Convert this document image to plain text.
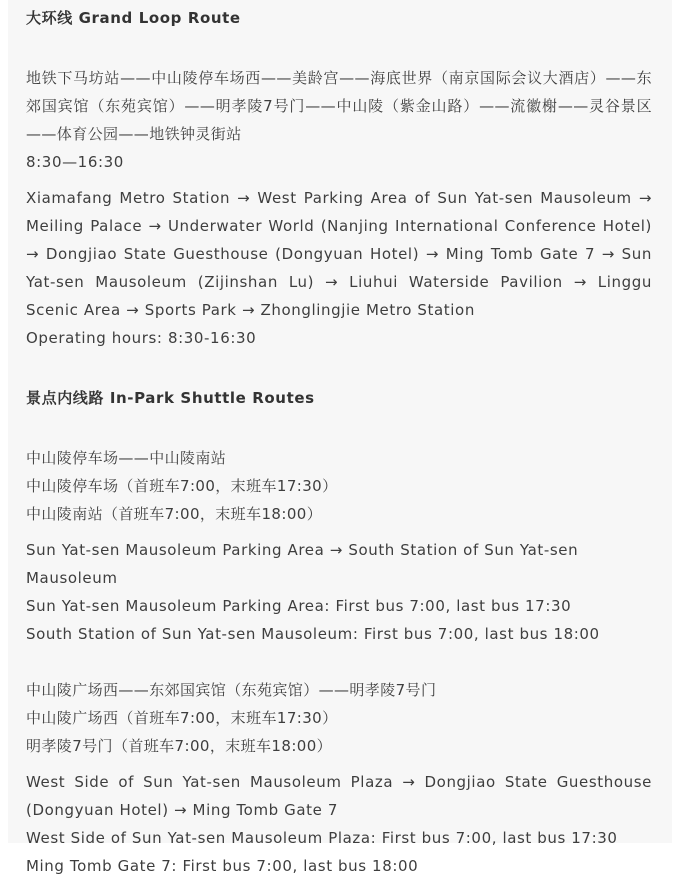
大环线 Grand Loop Route

地铁下马坊站——中山陵停车场西——美龄宫——海底世界（南京国际会议大酒店）——东郊国宾馆（东苑宾馆）——明孝陵7号门——中山陵（紫金山路）——流徽榭——灵谷景区——体育公园——地铁钟灵街站

8:30—16:30

Xiamafang Metro Station → West Parking Area of Sun Yat-sen Mausoleum → Meiling Palace → Underwater World (Nanjing International Conference Hotel) → Dongjiao State Guesthouse (Dongyuan Hotel) → Ming Tomb Gate 7 → Sun Yat-sen Mausoleum (Zijinshan Lu) → Liuhui Waterside Pavilion → Linggu Scenic Area → Sports Park → Zhonglingjie Metro Station

Operating hours: 8:30-16:30

景点内线路 In-Park Shuttle Routes

中山陵停车场——中山陵南站

中山陵停车场（首班车7:00，末班车17:30）

中山陵南站（首班车7:00，末班车18:00）

Sun Yat-sen Mausoleum Parking Area → South Station of Sun Yat-sen Mausoleum

Sun Yat-sen Mausoleum Parking Area: First bus 7:00, last bus 17:30

South Station of Sun Yat-sen Mausoleum: First bus 7:00, last bus 18:00

中山陵广场西——东郊国宾馆（东苑宾馆）——明孝陵7号门

中山陵广场西（首班车7:00，末班车17:30）

明孝陵7号门（首班车7:00，末班车18:00）

West Side of Sun Yat-sen Mausoleum Plaza → Dongjiao State Guesthouse (Dongyuan Hotel) → Ming Tomb Gate 7

West Side of Sun Yat-sen Mausoleum Plaza: First bus 7:00, last bus 17:30

Ming Tomb Gate 7: First bus 7:00, last bus 18:00
